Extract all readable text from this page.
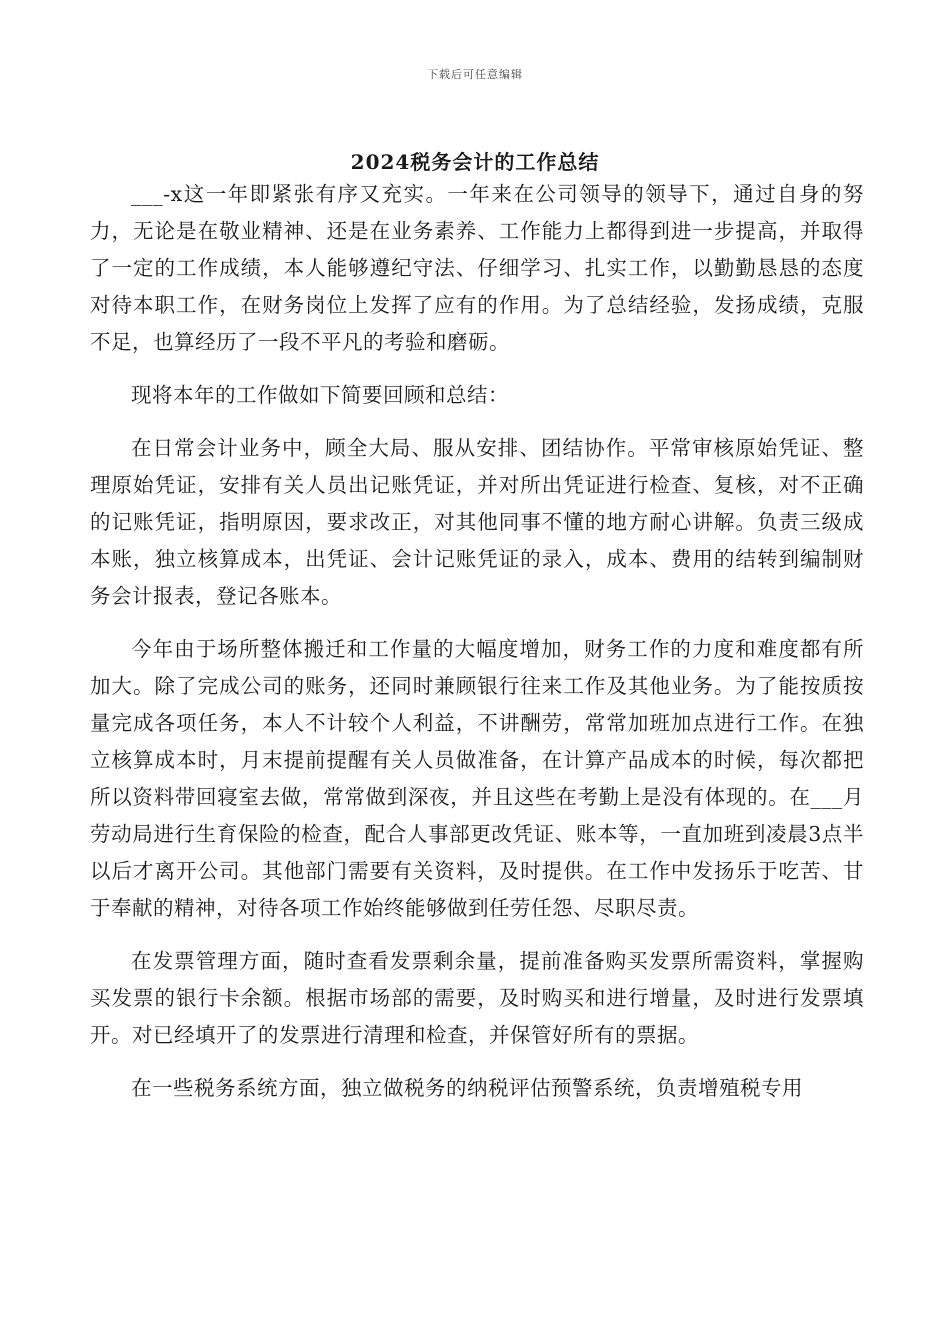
下载后可任意编辑
2024税务会计的工作总结

___-x这一年即紧张有序又充实。一年来在公司领导的领导下，通过自身的努力，无论是在敬业精神、还是在业务素养、工作能力上都得到进一步提高，并取得了一定的工作成绩，本人能够遵纪守法、仔细学习、扎实工作，以勤勤恳恳的态度对待本职工作，在财务岗位上发挥了应有的作用。为了总结经验，发扬成绩，克服不足，也算经历了一段不平凡的考验和磨砺。

现将本年的工作做如下简要回顾和总结：

在日常会计业务中，顾全大局、服从安排、团结协作。平常审核原始凭证、整理原始凭证，安排有关人员出记账凭证，并对所出凭证进行检查、复核，对不正确的记账凭证，指明原因，要求改正，对其他同事不懂的地方耐心讲解。负责三级成本账，独立核算成本，出凭证、会计记账凭证的录入，成本、费用的结转到编制财务会计报表，登记各账本。

今年由于场所整体搬迁和工作量的大幅度增加，财务工作的力度和难度都有所加大。除了完成公司的账务，还同时兼顾银行往来工作及其他业务。为了能按质按量完成各项任务，本人不计较个人利益，不讲酬劳，常常加班加点进行工作。在独立核算成本时，月末提前提醒有关人员做准备，在计算产品成本的时候，每次都把所以资料带回寝室去做，常常做到深夜，并且这些在考勤上是没有体现的。在___月劳动局进行生育保险的检查，配合人事部更改凭证、账本等，一直加班到凌晨3点半以后才离开公司。其他部门需要有关资料，及时提供。在工作中发扬乐于吃苦、甘于奉献的精神，对待各项工作始终能够做到任劳任怨、尽职尽责。

在发票管理方面，随时查看发票剩余量，提前准备购买发票所需资料，掌握购买发票的银行卡余额。根据市场部的需要，及时购买和进行增量，及时进行发票填开。对已经填开了的发票进行清理和检查，并保管好所有的票据。

在一些税务系统方面，独立做税务的纳税评估预警系统，负责增殖税专用
